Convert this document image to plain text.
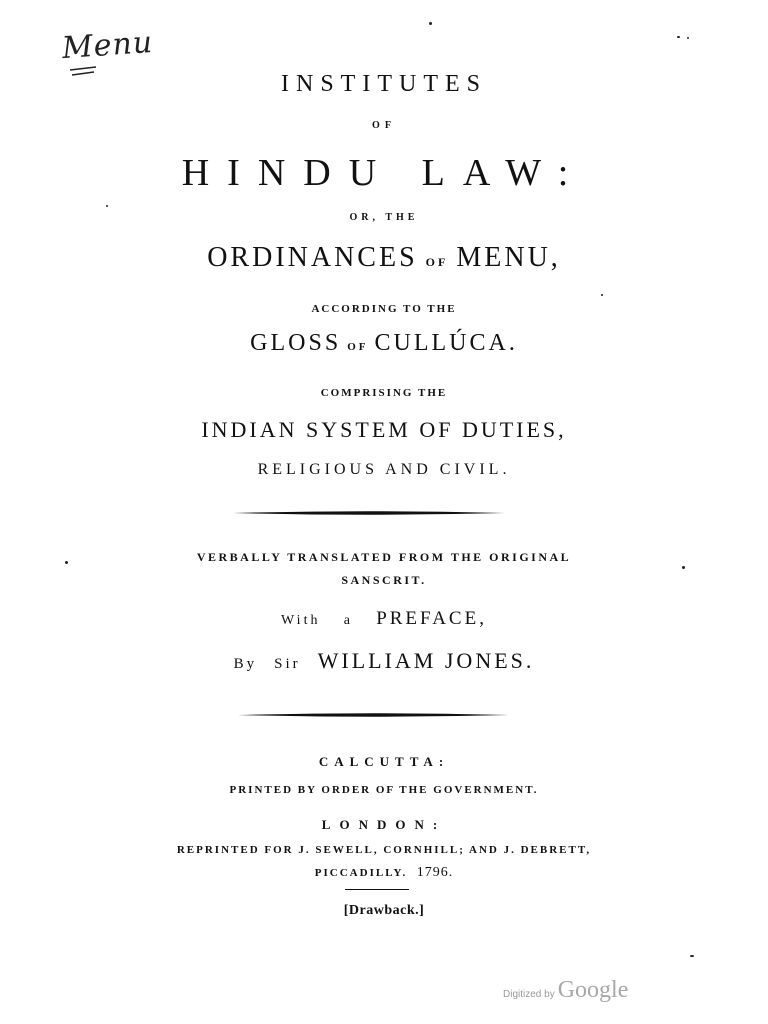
Menu
INSTITUTES
OF
HINDU LAW:
OR, THE
ORDINANCES OF MENU,
ACCORDING TO THE
GLOSS OF CULLÚCA.
COMPRISING THE
INDIAN SYSTEM OF DUTIES,
RELIGIOUS AND CIVIL.
VERBALLY TRANSLATED FROM THE ORIGINAL
SANSCRIT.
With a PREFACE,
By Sir WILLIAM JONES.
CALCUTTA:
PRINTED BY ORDER OF THE GOVERNMENT.
LONDON:
REPRINTED FOR J. SEWELL, CORNHILL; AND J. DEBRETT,
PICCADILLY. 1796.
[Drawback.]
Digitized by Google
